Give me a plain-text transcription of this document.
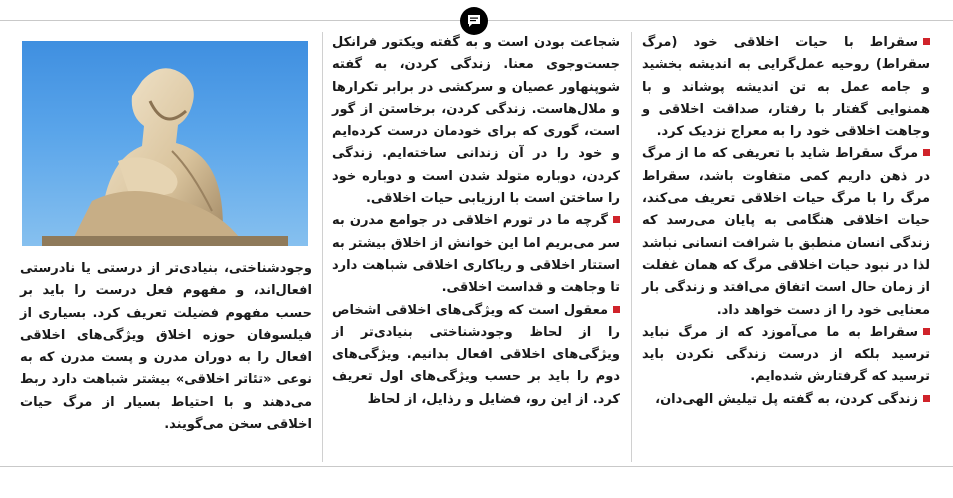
سقراط با حیات اخلاقی خود (مرگ سقراط) روحیه عمل‌گرایی به اندیشه بخشید و جامه عمل به تن اندیشه پوشاند و با همنوایی گفتار با رفتار، صداقت اخلاقی و وجاهت اخلاقی خود را به معراج نزدیک کرد.

مرگ سقراط شاید با تعریفی که ما از مرگ در ذهن داریم کمی متفاوت باشد، سقراط مرگ را با مرگ حیات اخلاقی تعریف می‌کند، حیات اخلاقی هنگامی به پایان می‌رسد که زندگی انسان منطبق با شرافت انسانی نباشد لذا در نبود حیات اخلاقی مرگ که همان غفلت از زمان حال است اتفاق می‌افتد و زندگی بار معنایی خود را از دست خواهد داد.

سقراط به ما می‌آموزد که از مرگ نباید ترسید بلکه از درست زندگی نکردن باید ترسید که گرفتارش شده‌ایم.

زندگی کردن، به گفته پل تیلیش الهی‌دان،

شجاعت بودن است و به گفته ویکتور فرانکل جست‌وجوی معنا. زندگی کردن، به گفته شوپنهاور عصیان و سرکشی در برابر تکرارها و ملال‌هاست. زندگی کردن، برخاستن از گور است، گوری که برای خودمان درست کرده‌ایم و خود را در آن زندانی ساخته‌ایم. زندگی کردن، دوباره متولد شدن است و دوباره خود را ساختن است با ارزیابی حیات اخلاقی.

گرچه ما در تورم اخلاقی در جوامع مدرن به سر می‌بریم اما این خوانش از اخلاق بیشتر به استتار اخلاقی و ریاکاری اخلاقی شباهت دارد تا وجاهت و قداست اخلاقی.

معقول است که ویژگی‌های اخلاقی اشخاص را از لحاظ وجودشناختی بنیادی‌تر از ویژگی‌های اخلاقی افعال بدانیم. ویژگی‌های دوم را باید بر حسب ویژگی‌های اول تعریف کرد. از این رو، فضایل و رذایل، از لحاظ

وجودشناختی، بنیادی‌تر از درستی یا نادرستی افعال‌اند، و مفهوم فعل درست را باید بر حسب مفهوم فضیلت تعریف کرد. بسیاری از فیلسوفان حوزه اخلاق ویژگی‌های اخلاقی افعال را به دوران مدرن و پست مدرن که به نوعی «تئاتر اخلاقی» بیشتر شباهت دارد ربط می‌دهند و با احتیاط بسیار از مرگ حیات اخلاقی سخن می‌گویند.
